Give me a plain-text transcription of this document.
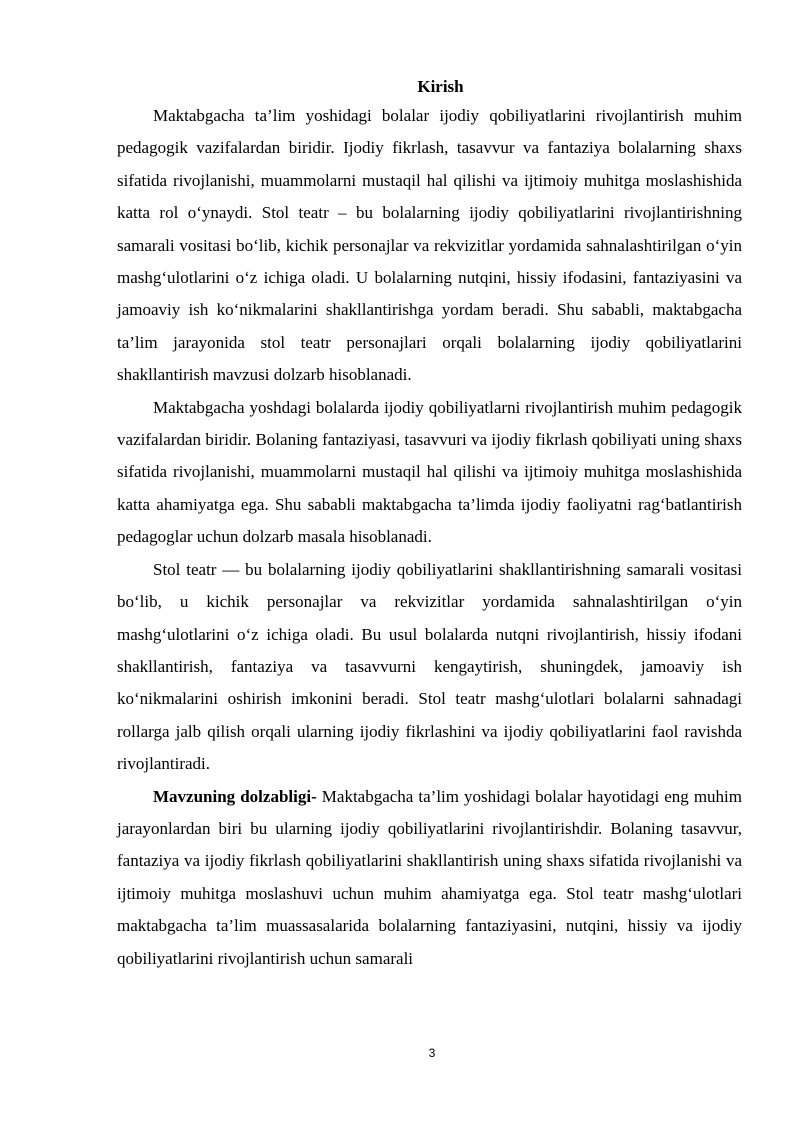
Kirish

Maktabgacha ta’lim yoshidagi bolalar ijodiy qobiliyatlarini rivojlantirish muhim pedagogik vazifalardan biridir. Ijodiy fikrlash, tasavvur va fantaziya bolalarning shaxs sifatida rivojlanishi, muammolarni mustaqil hal qilishi va ijtimoiy muhitga moslashishida katta rol o‘ynaydi. Stol teatr – bu bolalarning ijodiy qobiliyatlarini rivojlantirishning samarali vositasi bo‘lib, kichik personajlar va rekvizitlar yordamida sahnalashtirilgan o‘yin mashg‘ulotlarini o‘z ichiga oladi. U bolalarning nutqini, hissiy ifodasini, fantaziyasini va jamoaviy ish ko‘nikmalarini shakllantirishga yordam beradi. Shu sababli, maktabgacha ta’lim jarayonida stol teatr personajlari orqali bolalarning ijodiy qobiliyatlarini shakllantirish mavzusi dolzarb hisoblanadi.

Maktabgacha yoshdagi bolalarda ijodiy qobiliyatlarni rivojlantirish muhim pedagogik vazifalardan biridir. Bolaning fantaziyasi, tasavvuri va ijodiy fikrlash qobiliyati uning shaxs sifatida rivojlanishi, muammolarni mustaqil hal qilishi va ijtimoiy muhitga moslashishida katta ahamiyatga ega. Shu sababli maktabgacha ta’limda ijodiy faoliyatni rag‘batlantirish pedagoglar uchun dolzarb masala hisoblanadi.

Stol teatr — bu bolalarning ijodiy qobiliyatlarini shakllantirishning samarali vositasi bo‘lib, u kichik personajlar va rekvizitlar yordamida sahnalashtirilgan o‘yin mashg‘ulotlarini o‘z ichiga oladi. Bu usul bolalarda nutqni rivojlantirish, hissiy ifodani shakllantirish, fantaziya va tasavvurni kengaytirish, shuningdek, jamoaviy ish ko‘nikmalarini oshirish imkonini beradi. Stol teatr mashg‘ulotlari bolalarni sahnadagi rollarga jalb qilish orqali ularning ijodiy fikrlashini va ijodiy qobiliyatlarini faol ravishda rivojlantiradi.

Mavzuning dolzabligi- Maktabgacha ta’lim yoshidagi bolalar hayotidagi eng muhim jarayonlardan biri bu ularning ijodiy qobiliyatlarini rivojlantirishdir. Bolaning tasavvur, fantaziya va ijodiy fikrlash qobiliyatlarini shakllantirish uning shaxs sifatida rivojlanishi va ijtimoiy muhitga moslashuvi uchun muhim ahamiyatga ega. Stol teatr mashg‘ulotlari maktabgacha ta’lim muassasalarida bolalarning fantaziyasini, nutqini, hissiy va ijodiy qobiliyatlarini rivojlantirish uchun samarali

3
